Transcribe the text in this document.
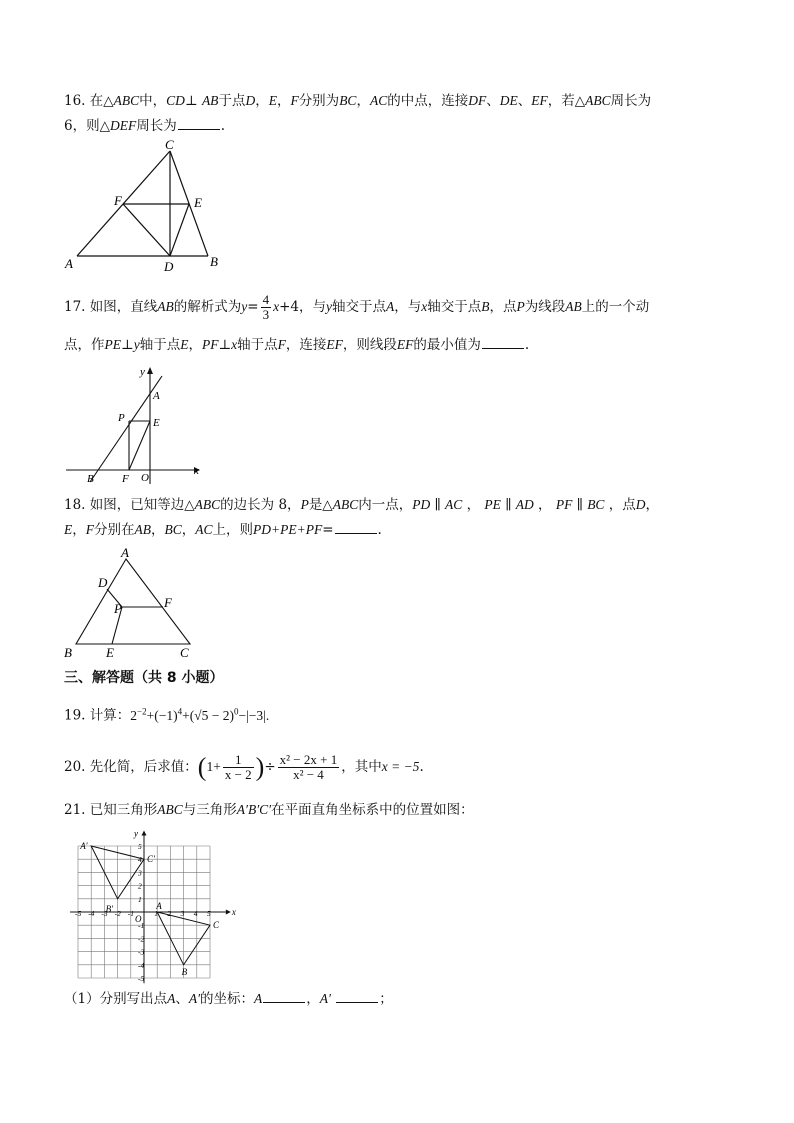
16. 在△ABC中，CD⊥ AB于点D，E，F分别为BC，AC的中点，连接DF、DE、EF，若△ABC周长为
6，则△DEF周长为	.
C
F	E
A	D	B
17. 如图，直线AB的解析式为$y= \frac{4}{3} x+4$，与y轴交于点A，与x轴交于点B，点P为线段AB上的一个动
点，作PE⊥y轴于点E，PF⊥x轴于点F，连接EF，则线段EF的最小值为	.
y
A
P	E
B	F O
x
18. 如图，已知等边△ABC的边长为 8，P是△ABC内一点，PD ∥ AC ， PE ∥ AD ， PF ∥ BC ，点D，
E，F分别在AB，BC，AC上，则PD+PE+PF=	.
A
D
P	F
B	E	C
三、解答题（共 8 小题）
19. 计算：$2^{-2}+(-1)^4+(√5 - 2)^0-|-3|$.
20. 先化简，后求值：($1+ \frac{1}{x - 2}$ )÷ $\frac{\text{x² − 2x + 1}}{\text{x² − 4}}$ ，其中x = −5.
21. 已知三角形ABC与三角形A′B′C′在平面直角坐标系中的位置如图：
-5 -4 -3 -2 -1	1 2 3 4 5
5
4
3
2
1
-1
-2
-3
-4
-5
y
x
O
A
B
C
A′
B′
C′
（1）分别写出点A、A′的坐标：A	，A′	；
